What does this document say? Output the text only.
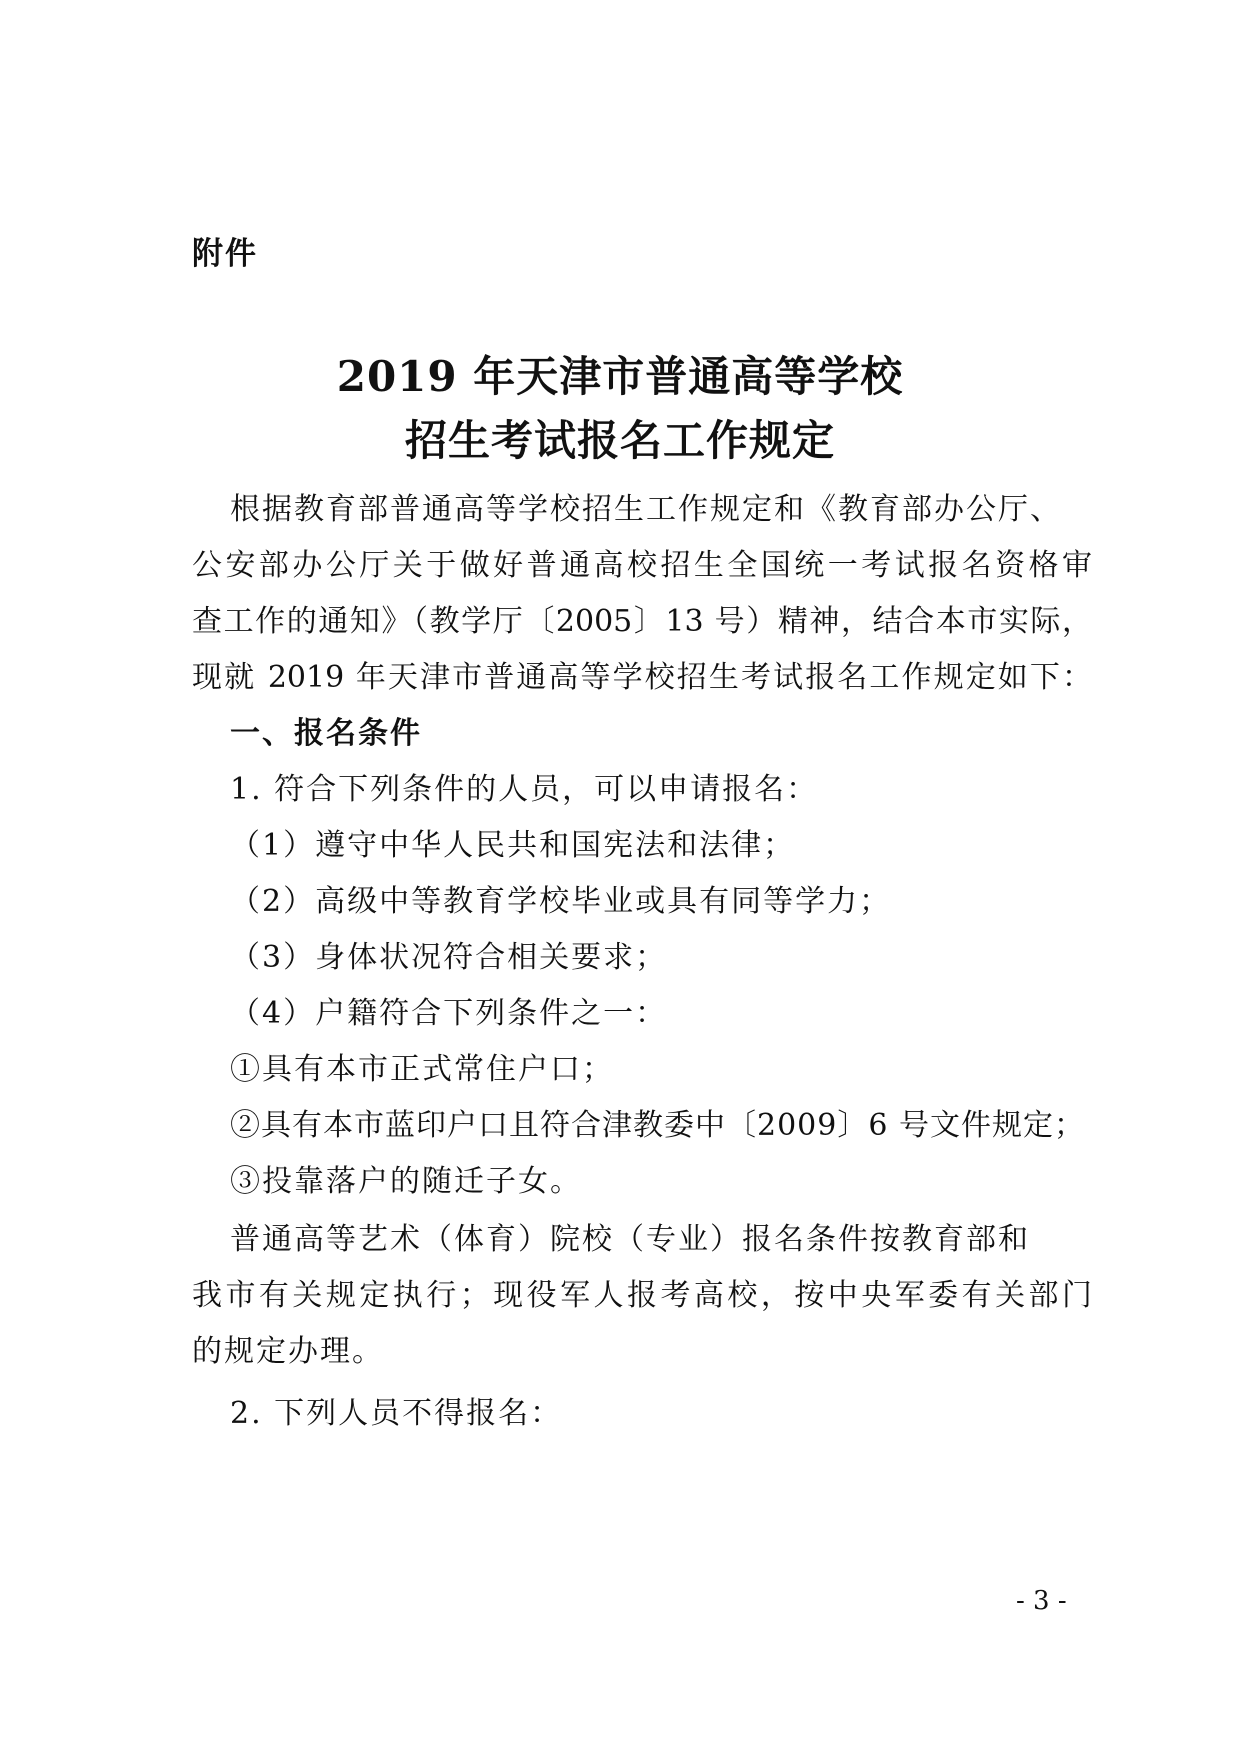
附件
2019 年天津市普通高等学校
招生考试报名工作规定
根据教育部普通高等学校招生工作规定和《教育部办公厅、
公安部办公厅关于做好普通高校招生全国统一考试报名资格审
查工作的通知》（教学厅〔2005〕13 号）精神，结合本市实际，
现就 2019 年天津市普通高等学校招生考试报名工作规定如下：
一、报名条件
1. 符合下列条件的人员，可以申请报名：
（1）遵守中华人民共和国宪法和法律；
（2）高级中等教育学校毕业或具有同等学力；
（3）身体状况符合相关要求；
（4）户籍符合下列条件之一：
①具有本市正式常住户口；
②具有本市蓝印户口且符合津教委中〔2009〕6 号文件规定；
③投靠落户的随迁子女。
普通高等艺术（体育）院校（专业）报名条件按教育部和
我市有关规定执行；现役军人报考高校，按中央军委有关部门
的规定办理。
2. 下列人员不得报名：
- 3 -
